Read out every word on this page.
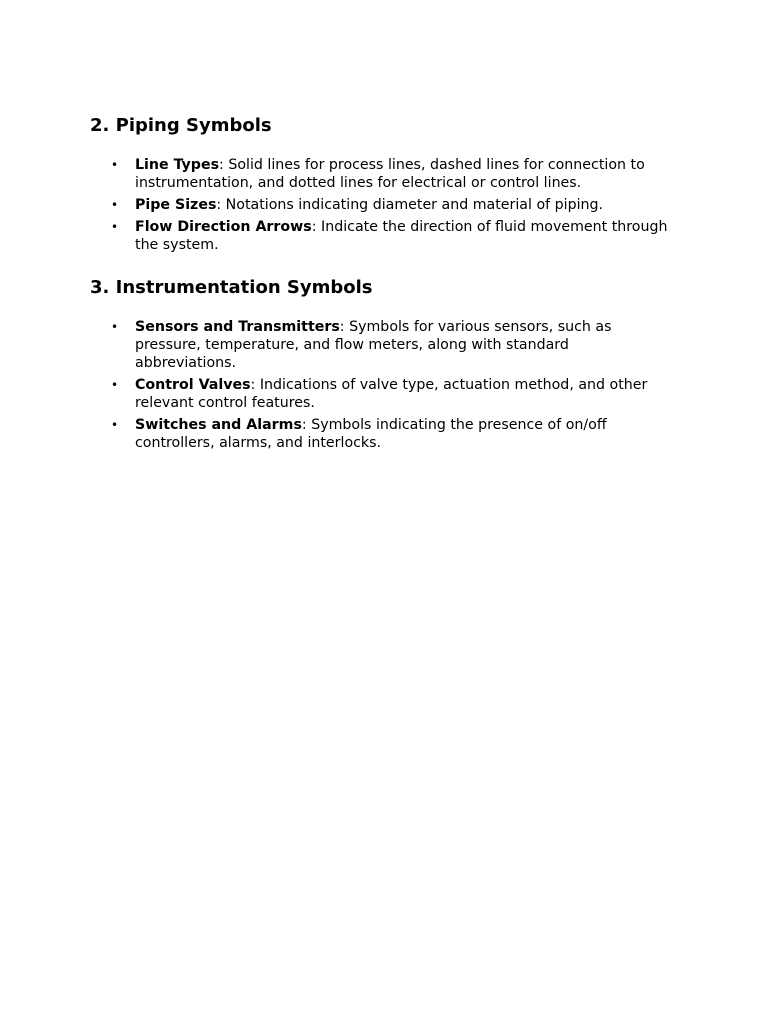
2. Piping Symbols
• Line Types: Solid lines for process lines, dashed lines for connection to instrumentation, and dotted lines for electrical or control lines.
• Pipe Sizes: Notations indicating diameter and material of piping.
• Flow Direction Arrows: Indicate the direction of fluid movement through the system.
3. Instrumentation Symbols
• Sensors and Transmitters: Symbols for various sensors, such as pressure, temperature, and flow meters, along with standard abbreviations.
• Control Valves: Indications of valve type, actuation method, and other relevant control features.
• Switches and Alarms: Symbols indicating the presence of on/off controllers, alarms, and interlocks.
